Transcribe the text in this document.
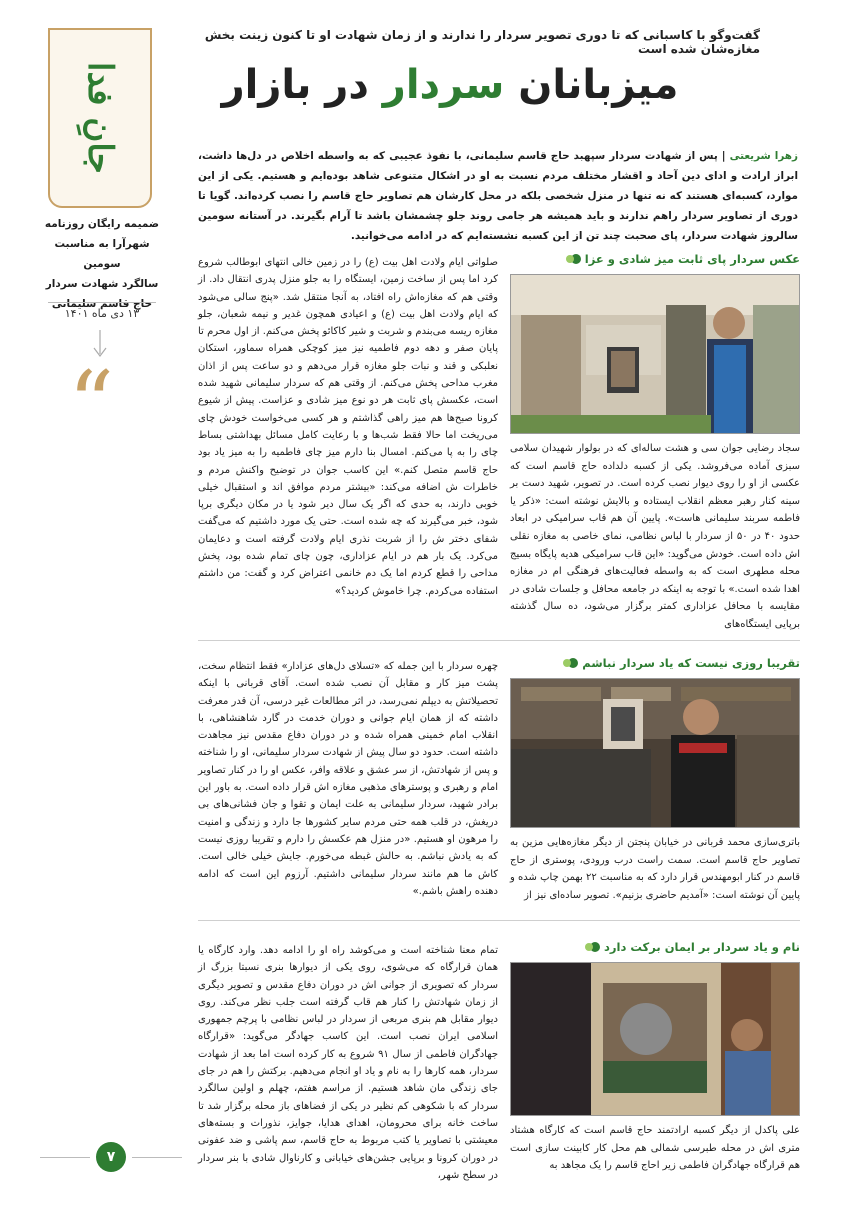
گفت‌وگو با کاسبانی که تا دوری تصویر سردار را ندارند و از زمان شهادت او تا کنون زینت بخش مغازه‌شان شده است
میزبانان سردار در بازار
زهرا شریعتی | پس از شهادت سردار سپهبد حاج قاسم سلیمانی، با نفوذ عجیبی که به واسطه اخلاص در دل‌ها داشت، ابراز ارادت و ادای دین آحاد و اقشار مختلف مردم نسبت به او در اشکال متنوعی شاهد بوده‌ایم و هستیم. یکی از این موارد، کسبه‌ای هستند که نه تنها در منزل شخصی بلکه در محل کارشان هم تصاویر حاج قاسم را نصب کرده‌اند. گویا تا دوری از تصاویر سردار راهم ندارند و باید همیشه هر جامی روند جلو چشمشان باشد تا آرام بگیرند. در آستانه سومین سالروز شهادت سردار، پای صحبت چند تن از این کسبه نشسته‌ایم که در ادامه می‌خوانید.
جانِ فدا
ضمیمه رایگان روزنامه
شهرآرا به مناسبت سومین
سالگرد شهادت سردار
حاج قاسم سلیمانی
۱۳ دی ماه ۱۴۰۱
“
عکس سردار پای ثابت میز شادی و عزا
سجاد رضایی جوان سی و هشت ساله‌ای که در بولوار شهیدان سلامی سبزی آماده می‌فروشد. یکی از کسبه دلداده حاج قاسم است که عکسی از او را روی دیوار نصب کرده است. در تصویر، شهید دست بر سینه کنار رهبر معظم انقلاب ایستاده و بالایش نوشته است: «ذکر یا فاطمه سربند سلیمانی هاست». پایین آن هم قاب سرامیکی در ابعاد حدود ۴۰ در ۵۰ از سردار با لباس نظامی، نمای خاصی به مغازه نقلی اش داده است. خودش می‌گوید: «این قاب سرامیکی هدیه پایگاه بسیج محله مطهری است که به واسطه فعالیت‌های فرهنگی ام در مغازه اهدا شده است.» با توجه به اینکه در جامعه محافل و جلسات شادی در مقایسه با محافل عزاداری کمتر برگزار می‌شود، ده سال گذشته برپایی ایستگاه‌های
صلواتی ایام ولادت اهل بیت (ع) را در زمین خالی انتهای ابوطالب شروع کرد اما پس از ساخت زمین، ایستگاه را به جلو منزل پدری انتقال داد. از وقتی هم که مغازه‌اش راه افتاد، به آنجا منتقل شد. «پنج سالی می‌شود که ایام ولادت اهل بیت (ع) و اعیادی همچون غدیر و نیمه شعبان، جلو مغازه ریسه می‌بندم و شربت و شیر کاکائو پخش می‌کنم. از اول محرم تا پایان صفر و دهه دوم فاطمیه نیز میز کوچکی همراه سماور، استکان نعلبکی و قند و نبات جلو مغازه قرار می‌دهم و دو ساعت پس از اذان مغرب مداحی پخش می‌کنم. از وقتی هم که سردار سلیمانی شهید شده است، عکسش پای ثابت هر دو نوع میز شادی و عزاست. پیش از شیوع کرونا صبح‌ها هم میز راهی گذاشتم و هر کسی می‌خواست خودش چای می‌ریخت اما حالا فقط شب‌ها و با رعایت کامل مسائل بهداشتی بساط چای را به پا می‌کنم. امسال بنا دارم میز چای فاطمیه را به میز یاد بود حاج قاسم متصل کنم.» این کاسب جوان در توضیح واکنش مردم و خاطرات ش اضافه می‌کند: «بیشتر مردم موافق اند و استقبال خیلی خوبی دارند، به حدی که اگر یک سال دیر شود یا در مکان دیگری برپا شود، خبر می‌گیرند که چه شده است. حتی یک مورد داشتیم که می‌گفت شفای دختر ش را از شربت نذری ایام ولادت گرفته است و دعایمان می‌کرد. یک بار هم در ایام عزاداری، چون چای تمام شده بود، پخش مداحی را قطع کردم اما یک دم خانمی اعتراض کرد و گفت: من داشتم استفاده می‌کردم. چرا خاموش کردید؟»
تقریبا روزی نیست که یاد سردار نباشم
باتری‌سازی محمد قربانی در خیابان پنجتن از دیگر مغازه‌هایی مزین به تصاویر حاج قاسم است. سمت راست درب ورودی، پوستری از حاج قاسم در کنار ابومهندس قرار دارد که به مناسبت ۲۲ بهمن چاپ شده و پایین آن نوشته است: «آمدیم حاضری بزنیم». تصویر ساده‌ای نیز از
چهره سردار با این جمله که «تسلای دل‌های عزادار» فقط انتظام سخت، پشت میز کار و مقابل آن نصب شده است. آقای قربانی با اینکه تحصیلاتش به دیپلم نمی‌رسد، در اثر مطالعات غیر درسی، آن قدر معرفت داشته که از همان ایام جوانی و دوران خدمت در گارد شاهنشاهی، با انقلاب امام خمینی همراه شده و در دوران دفاع مقدس نیز مجاهدت داشته است. حدود دو سال پیش از شهادت سردار سلیمانی، او را شناخته و پس از شهادتش، از سر عشق و علاقه وافر، عکس او را در کنار تصاویر امام و رهبری و پوسترهای مذهبی مغازه اش قرار داده است. به باور این برادر شهید، سردار سلیمانی به علت ایمان و تقوا و جان فشانی‌های بی دریغش، در قلب همه حتی مردم سایر کشورها جا دارد و زندگی و امنیت را مرهون او هستیم. «در منزل هم عکسش را دارم و تقریبا روزی نیست که به یادش نباشم. به حالش غبطه می‌خورم. جایش خیلی خالی است. کاش ما هم مانند سردار سلیمانی داشتیم. آرزوم این است که ادامه دهنده راهش باشم.»
نام و یاد سردار بر ایمان برکت دارد
علی پاکدل از دیگر کسبه ارادتمند حاج قاسم است که کارگاه هشتاد متری اش در محله طبرسی شمالی هم محل کار کابینت سازی است هم قرارگاه جهادگران فاطمی زیر احاج قاسم را یک مجاهد به
تمام معنا شناخته است و می‌کوشد راه او را ادامه دهد. وارد کارگاه یا همان قرارگاه که می‌شوی، روی یکی از دیوارها بنری نسبتا بزرگ از سردار که تصویری از جوانی اش در دوران دفاع مقدس و تصویر دیگری از زمان شهادتش را کنار هم قاب گرفته است جلب نظر می‌کند. روی دیوار مقابل هم بنری مربعی از سردار در لباس نظامی با پرچم جمهوری اسلامی ایران نصب است. این کاسب جهادگر می‌گوید: «قرارگاه جهادگران فاطمی از سال ۹۱ شروع به کار کرده است اما بعد از شهادت سردار، همه کارها را به نام و یاد او انجام می‌دهیم. برکتش را هم در جای جای زندگی مان شاهد هستیم. از مراسم هفتم، چهلم و اولین سالگرد سردار که با شکوهی کم نظیر در یکی از فضاهای باز محله برگزار شد تا ساخت خانه برای محرومان، اهدای هدایا، جوایز، نذورات و بسته‌های معیشتی با تصاویر یا کتب مربوط به حاج قاسم، سم پاشی و ضد عفونی در دوران کرونا و برپایی جشن‌های خیابانی و کارناوال شادی با بنر سردار در سطح شهر،
۷
